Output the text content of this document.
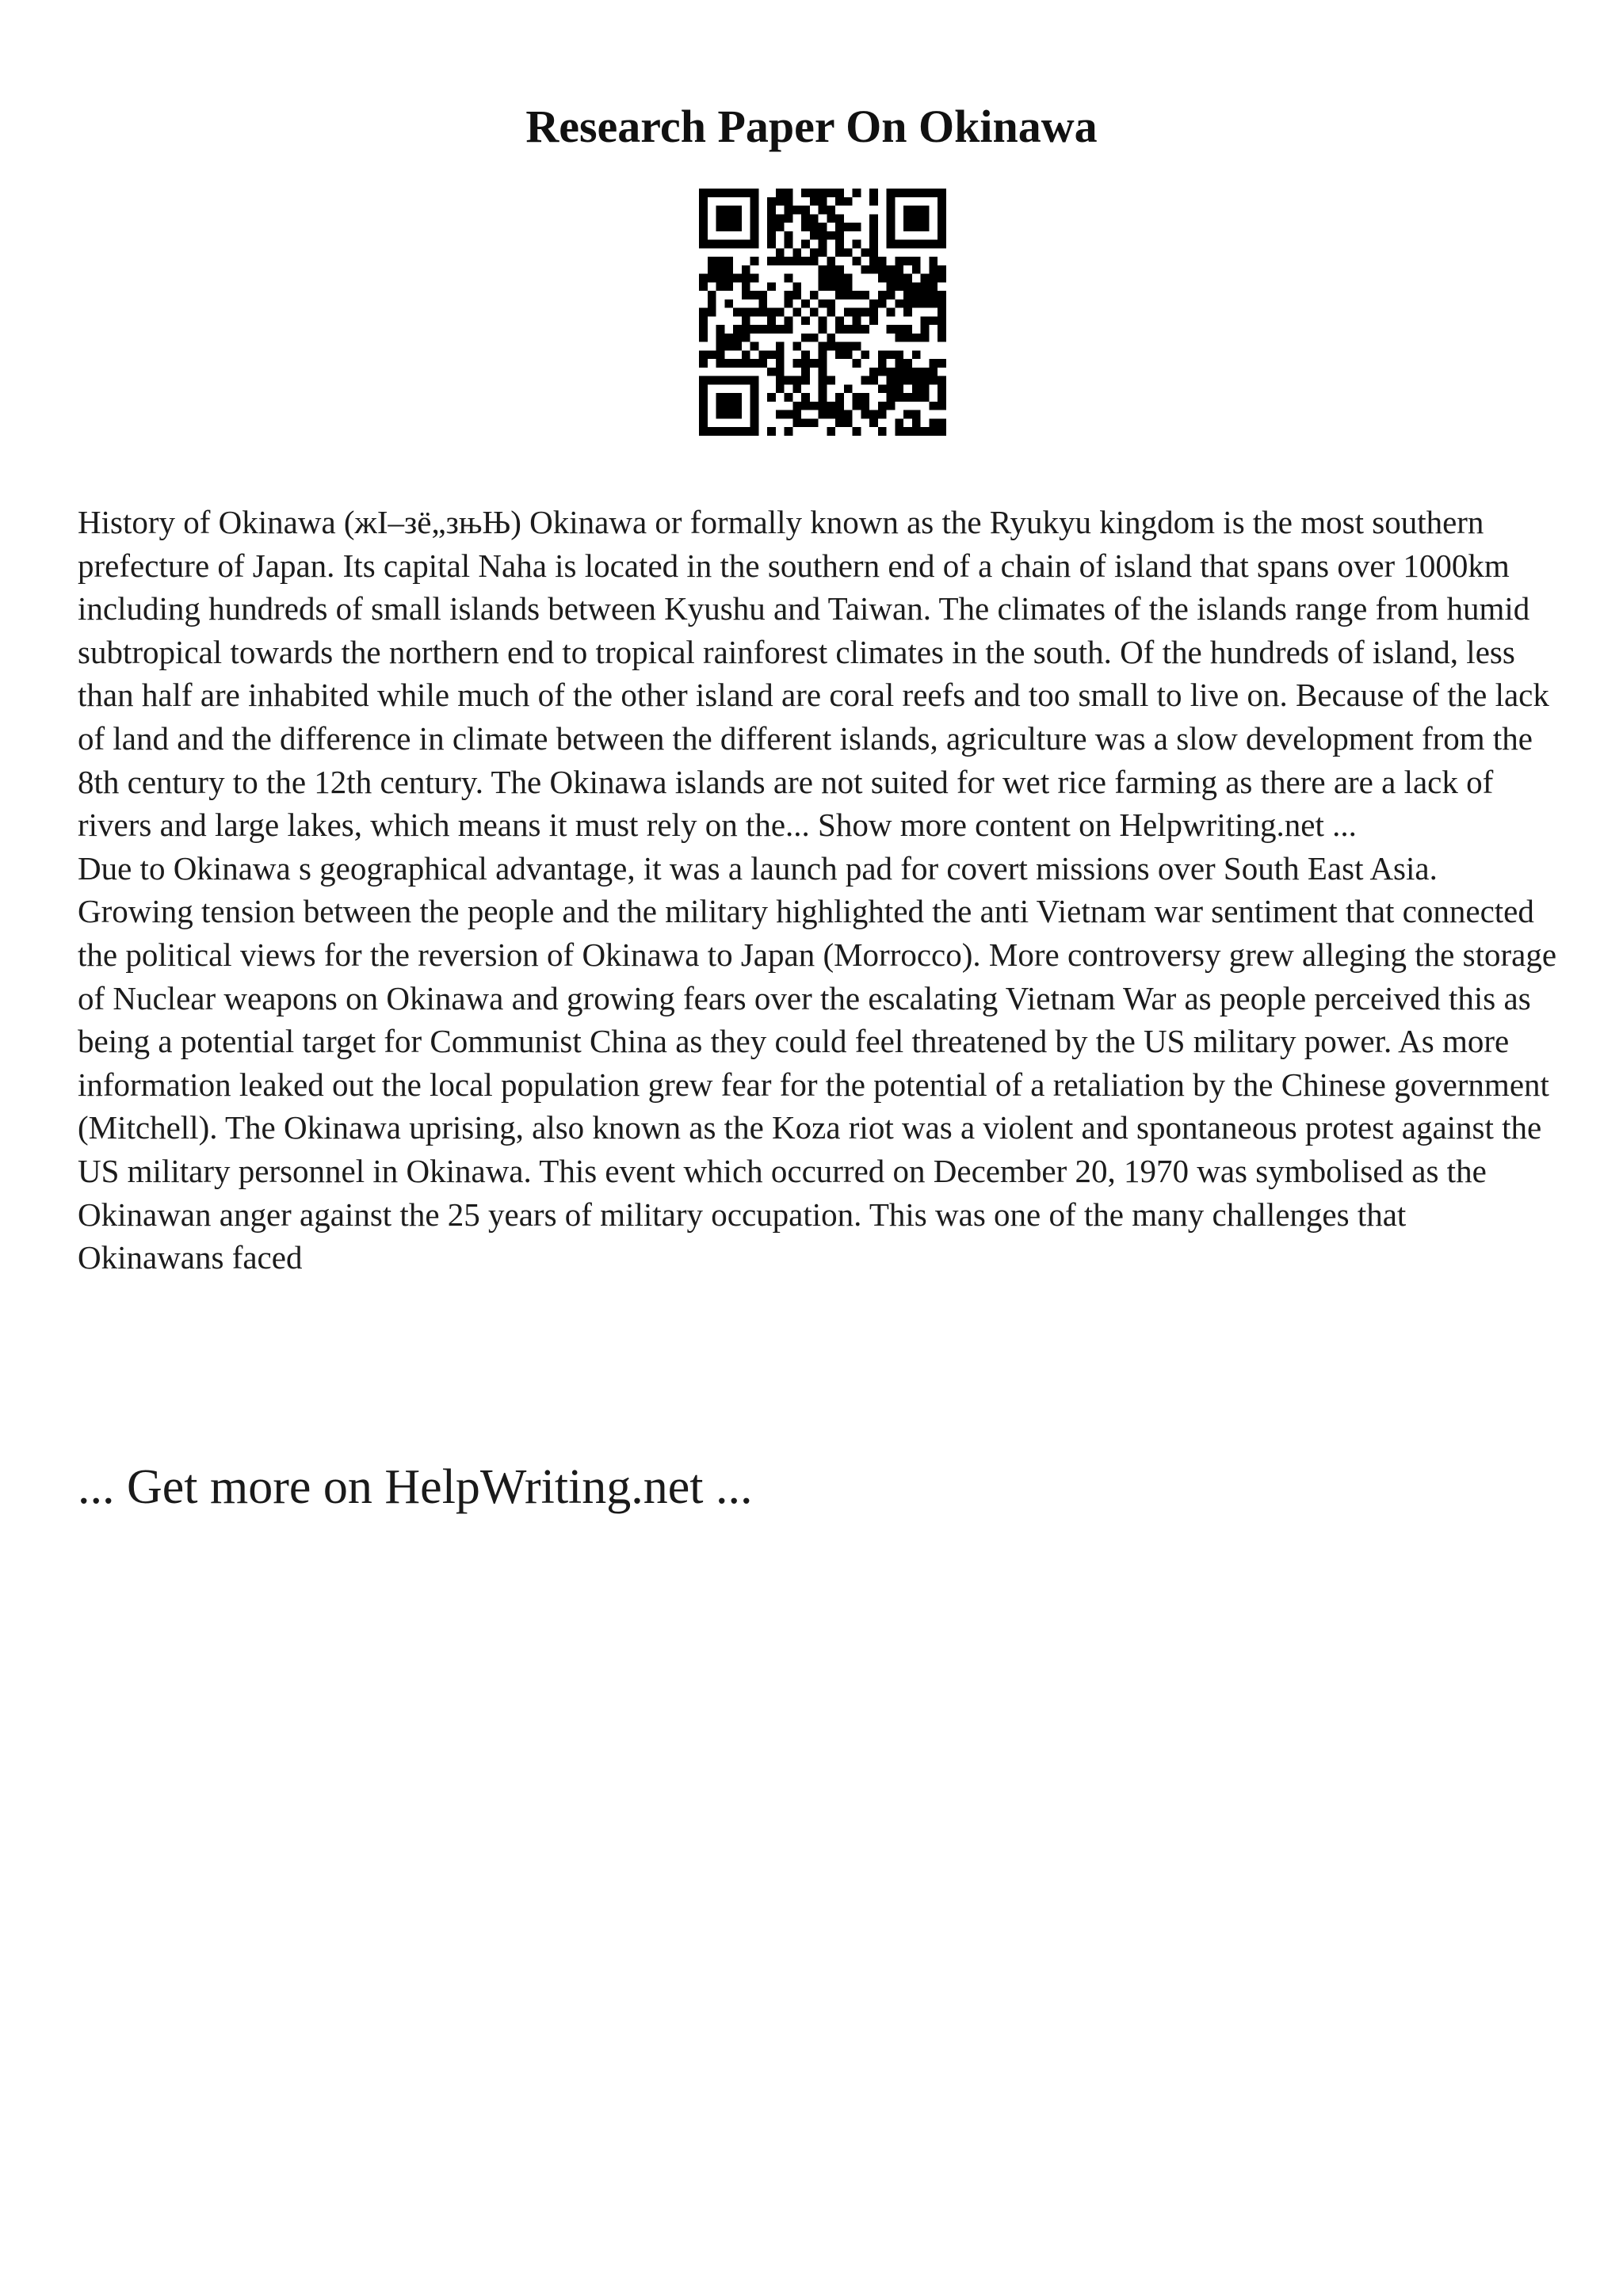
Research Paper On Okinawa

History of Okinawa (жІ–зё„зњЊ) Okinawa or formally known as the Ryukyu kingdom is the most southern prefecture of Japan. Its capital Naha is located in the southern end of a chain of island that spans over 1000km including hundreds of small islands between Kyushu and Taiwan. The climates of the islands range from humid subtropical towards the northern end to tropical rainforest climates in the south. Of the hundreds of island, less than half are inhabited while much of the other island are coral reefs and too small to live on. Because of the lack of land and the difference in climate between the different islands, agriculture was a slow development from the 8th century to the 12th century. The Okinawa islands are not suited for wet rice farming as there are a lack of rivers and large lakes, which means it must rely on the... Show more content on Helpwriting.net ...

Due to Okinawa s geographical advantage, it was a launch pad for covert missions over South East Asia. Growing tension between the people and the military highlighted the anti Vietnam war sentiment that connected the political views for the reversion of Okinawa to Japan (Morrocco). More controversy grew alleging the storage of Nuclear weapons on Okinawa and growing fears over the escalating Vietnam War as people perceived this as being a potential target for Communist China as they could feel threatened by the US military power. As more information leaked out the local population grew fear for the potential of a retaliation by the Chinese government (Mitchell). The Okinawa uprising, also known as the Koza riot was a violent and spontaneous protest against the US military personnel in Okinawa. This event which occurred on December 20, 1970 was symbolised as the Okinawan anger against the 25 years of military occupation. This was one of the many challenges that Okinawans faced

... Get more on HelpWriting.net ...
